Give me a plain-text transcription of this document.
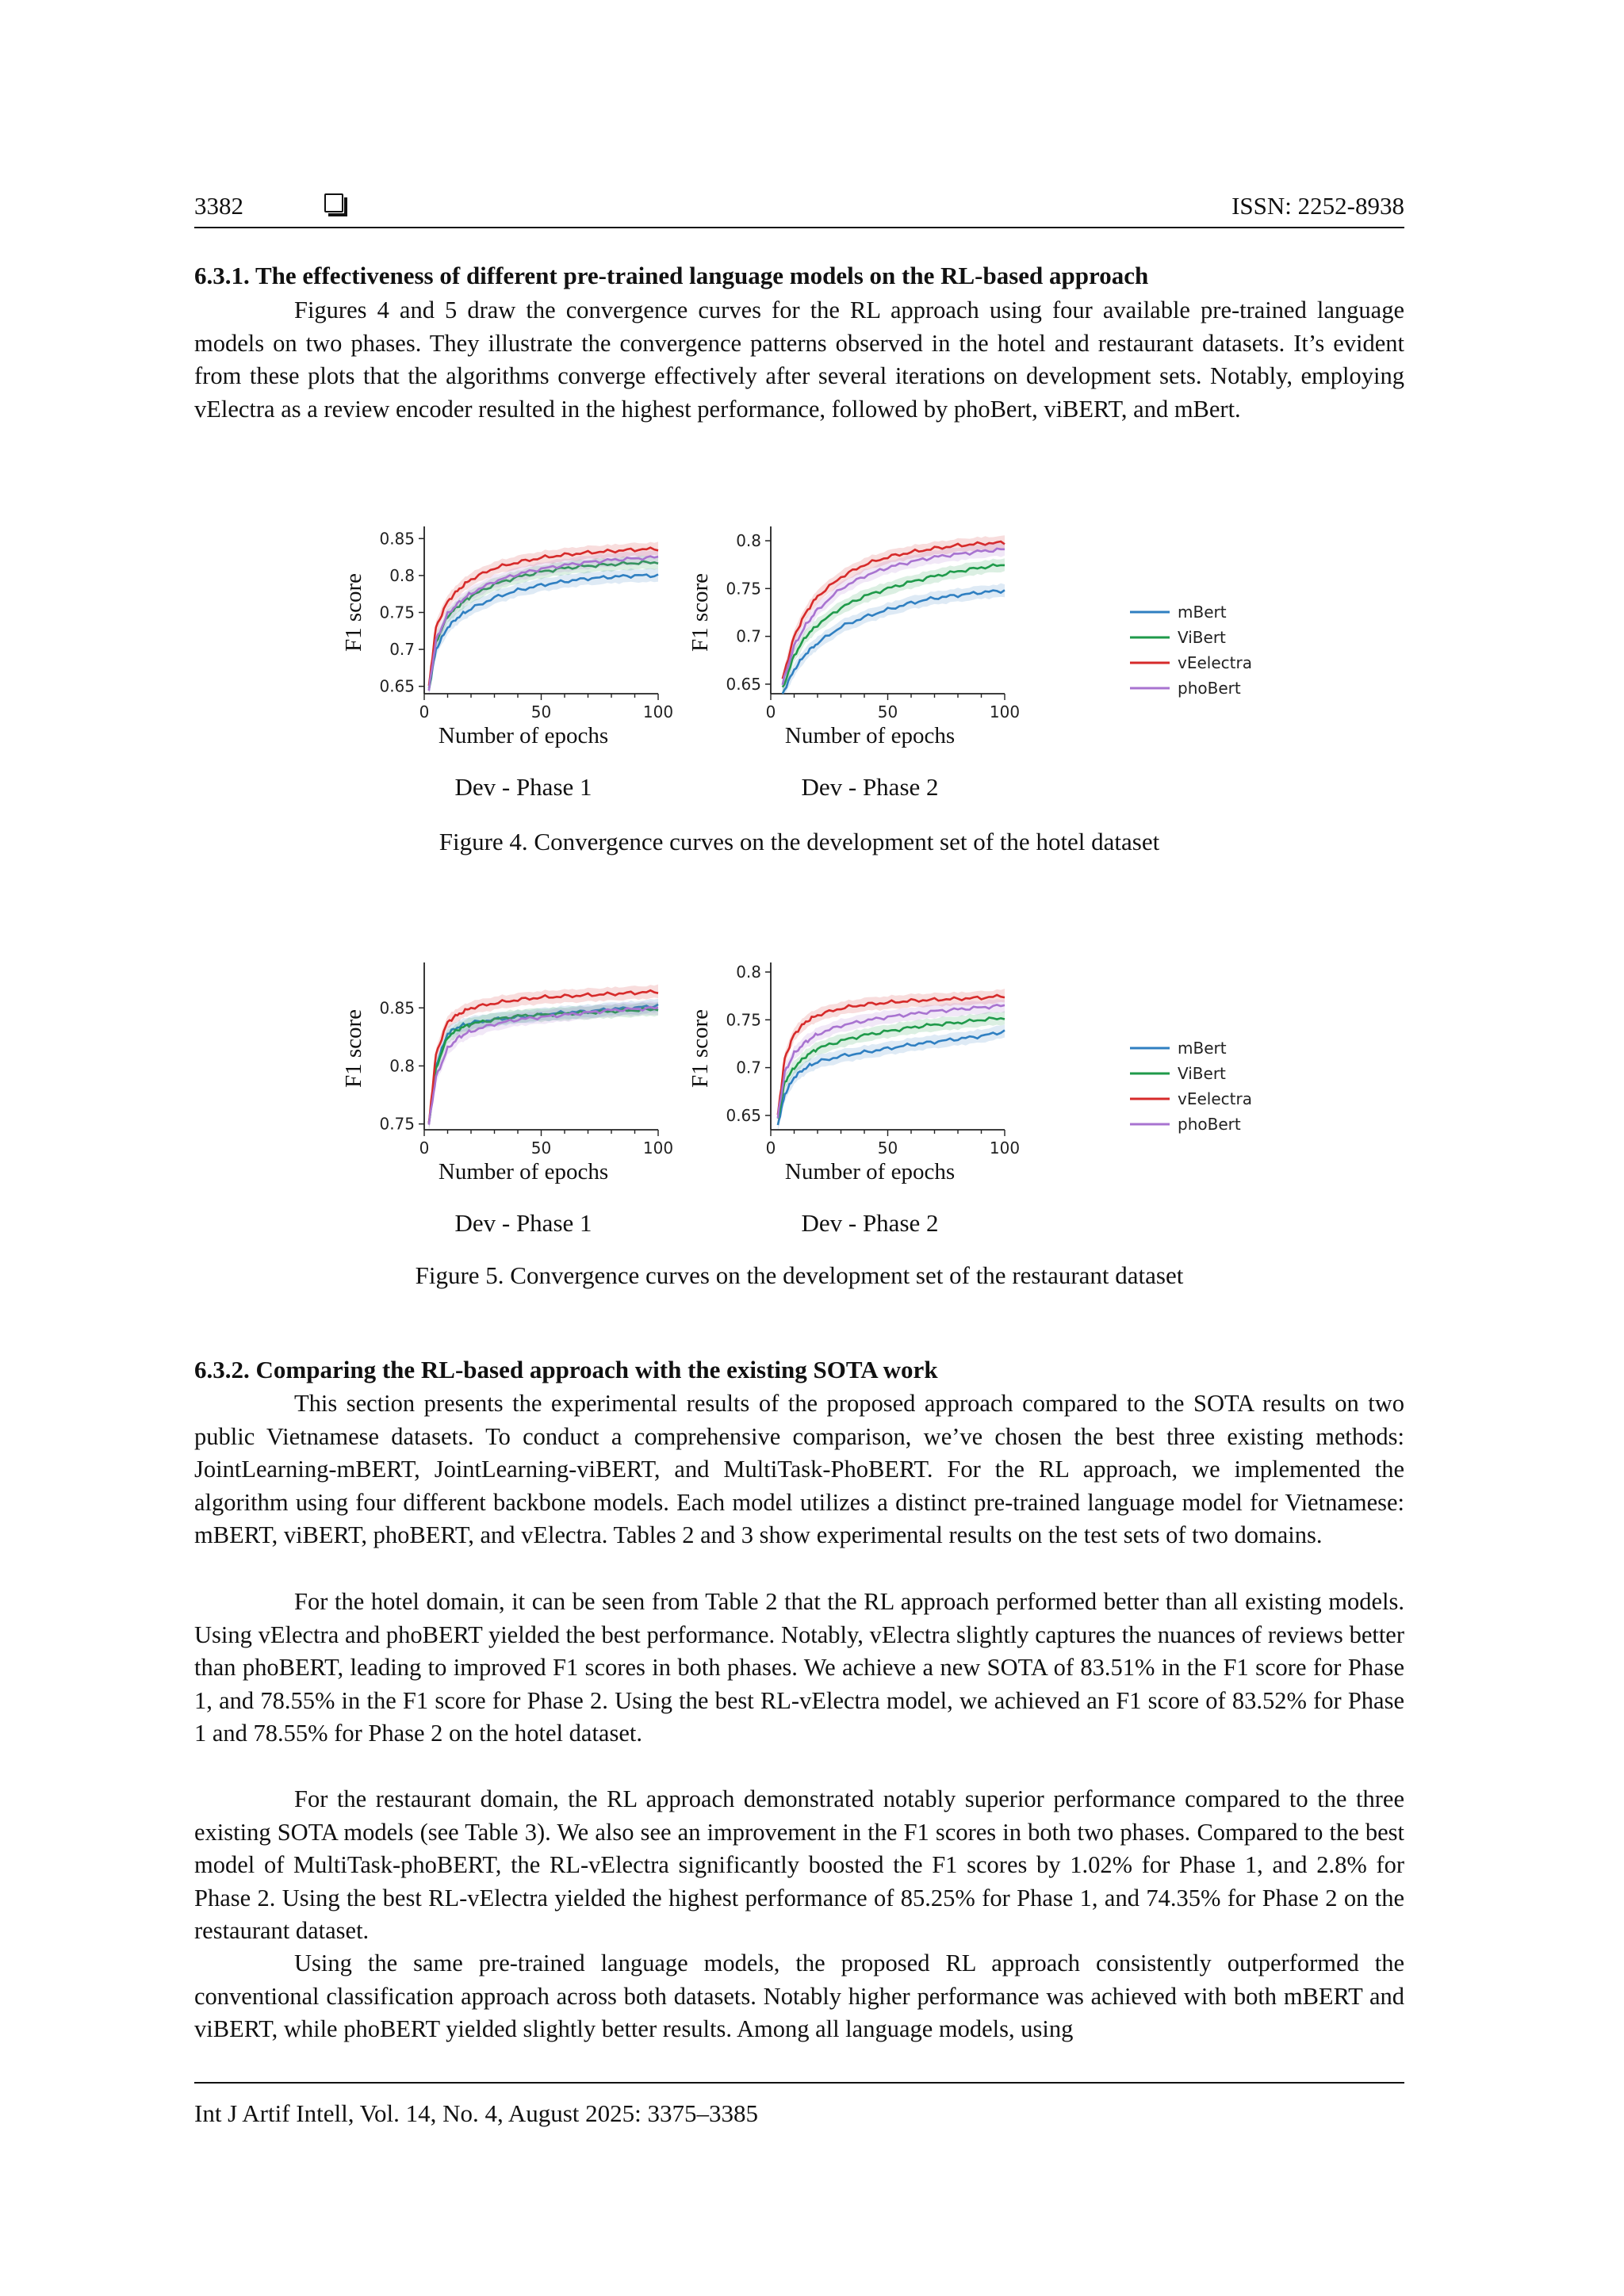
3382	ISSN: 2252-8938
6.3.1. The effectiveness of different pre-trained language models on the RL-based approach

Figures 4 and 5 draw the convergence curves for the RL approach using four available pre-trained language models on two phases. They illustrate the convergence patterns observed in the hotel and restaurant datasets. It’s evident from these plots that the algorithms converge effectively after several iterations on development sets. Notably, employing vElectra as a review encoder resulted in the highest performance, followed by phoBert, viBERT, and mBert.

0.85
0.8
0.75
0.7
0.65
0	50	100
F1 score
Number of epochs
Dev - Phase 1
0.8
0.75
0.7
0.65
0	50	100
F1 score
Number of epochs
Dev - Phase 2
mBert
ViBert
vEelectra
phoBert
Figure 4. Convergence curves on the development set of the hotel dataset
0.85
0.8
0.75
0	50	100
F1 score
Number of epochs
Dev - Phase 1
0.8
0.75
0.7
0.65
0	50	100
F1 score
Number of epochs
Dev - Phase 2
mBert
ViBert
vEelectra
phoBert
Figure 5. Convergence curves on the development set of the restaurant dataset
6.3.2. Comparing the RL-based approach with the existing SOTA work

This section presents the experimental results of the proposed approach compared to the SOTA results on two public Vietnamese datasets. To conduct a comprehensive comparison, we’ve chosen the best three existing methods: JointLearning-mBERT, JointLearning-viBERT, and MultiTask-PhoBERT. For the RL approach, we implemented the algorithm using four different backbone models. Each model utilizes a distinct pre-trained language model for Vietnamese: mBERT, viBERT, phoBERT, and vElectra. Tables 2 and 3 show experimental results on the test sets of two domains.

For the hotel domain, it can be seen from Table 2 that the RL approach performed better than all existing models. Using vElectra and phoBERT yielded the best performance. Notably, vElectra slightly captures the nuances of reviews better than phoBERT, leading to improved F1 scores in both phases. We achieve a new SOTA of 83.51% in the F1 score for Phase 1, and 78.55% in the F1 score for Phase 2. Using the best RL-vElectra model, we achieved an F1 score of 83.52% for Phase 1 and 78.55% for Phase 2 on the hotel dataset.

For the restaurant domain, the RL approach demonstrated notably superior performance compared to the three existing SOTA models (see Table 3). We also see an improvement in the F1 scores in both two phases. Compared to the best model of MultiTask-phoBERT, the RL-vElectra significantly boosted the F1 scores by 1.02% for Phase 1, and 2.8% for Phase 2. Using the best RL-vElectra yielded the highest performance of 85.25% for Phase 1, and 74.35% for Phase 2 on the restaurant dataset.

Using the same pre-trained language models, the proposed RL approach consistently outperformed the conventional classification approach across both datasets. Notably higher performance was achieved with both mBERT and viBERT, while phoBERT yielded slightly better results. Among all language models, using

Int J Artif Intell, Vol. 14, No. 4, August 2025: 3375–3385
